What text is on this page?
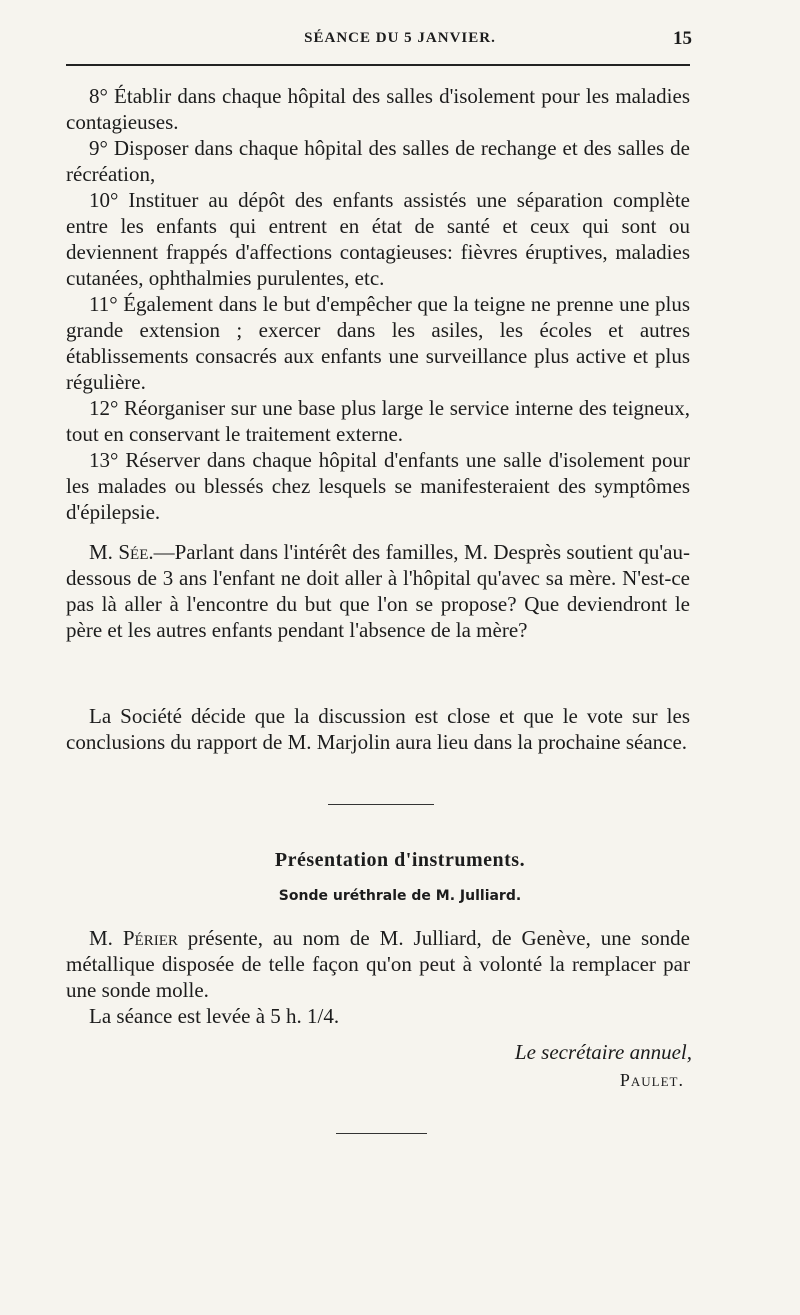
SÉANCE DU 5 JANVIER.	15

8° Établir dans chaque hôpital des salles d'isolement pour les maladies contagieuses.

9° Disposer dans chaque hôpital des salles de rechange et des salles de récréation,

10° Instituer au dépôt des enfants assistés une séparation complète entre les enfants qui entrent en état de santé et ceux qui sont ou deviennent frappés d'affections contagieuses: fièvres éruptives, maladies cutanées, ophthalmies purulentes, etc.

11° Également dans le but d'empêcher que la teigne ne prenne une plus grande extension ; exercer dans les asiles, les écoles et autres établissements consacrés aux enfants une surveillance plus active et plus régulière.

12° Réorganiser sur une base plus large le service interne des teigneux, tout en conservant le traitement externe.

13° Réserver dans chaque hôpital d'enfants une salle d'isolement pour les malades ou blessés chez lesquels se manifesteraient des symptômes d'épilepsie.

M. Sée.—Parlant dans l'intérêt des familles, M. Desprès soutient qu'au-dessous de 3 ans l'enfant ne doit aller à l'hôpital qu'avec sa mère. N'est-ce pas là aller à l'encontre du but que l'on se propose? Que deviendront le père et les autres enfants pendant l'absence de la mère?

La Société décide que la discussion est close et que le vote sur les conclusions du rapport de M. Marjolin aura lieu dans la prochaine séance.

Présentation d'instruments.
Sonde uréthrale de M. Julliard.

M. Périer présente, au nom de M. Julliard, de Genève, une sonde métallique disposée de telle façon qu'on peut à volonté la remplacer par une sonde molle.

La séance est levée à 5 h. 1/4.

Le secrétaire annuel,
Paulet.
